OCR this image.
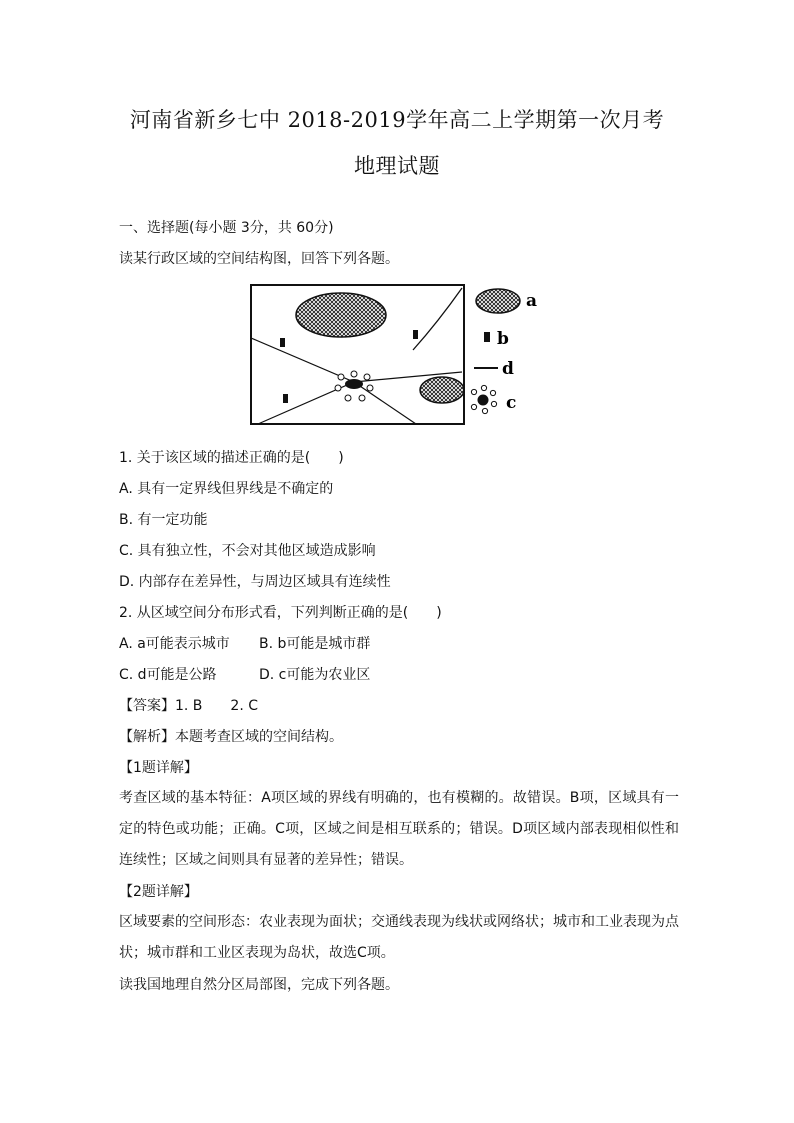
河南省新乡七中 2018-2019学年高二上学期第一次月考
地理试题
一、选择题(每小题 3分，共 60分)
读某行政区域的空间结构图，回答下列各题。
a
b
d
c
1. 关于该区域的描述正确的是(　　)
A. 具有一定界线但界线是不确定的
B. 有一定功能
C. 具有独立性，不会对其他区域造成影响
D. 内部存在差异性，与周边区域具有连续性
2. 从区域空间分布形式看，下列判断正确的是(　　)
A. a可能表示城市 B. b可能是城市群
C. d可能是公路	D. c可能为农业区
【答案】1. B　　2. C
【解析】本题考查区域的空间结构。
【1题详解】
考查区域的基本特征：A项区域的界线有明确的，也有模糊的。故错误。B项，区域具有一定的特色或功能；正确。C项，区域之间是相互联系的；错误。D项区域内部表现相似性和连续性；区域之间则具有显著的差异性；错误。
【2题详解】
区域要素的空间形态：农业表现为面状；交通线表现为线状或网络状；城市和工业表现为点状；城市群和工业区表现为岛状，故选C项。
读我国地理自然分区局部图，完成下列各题。
